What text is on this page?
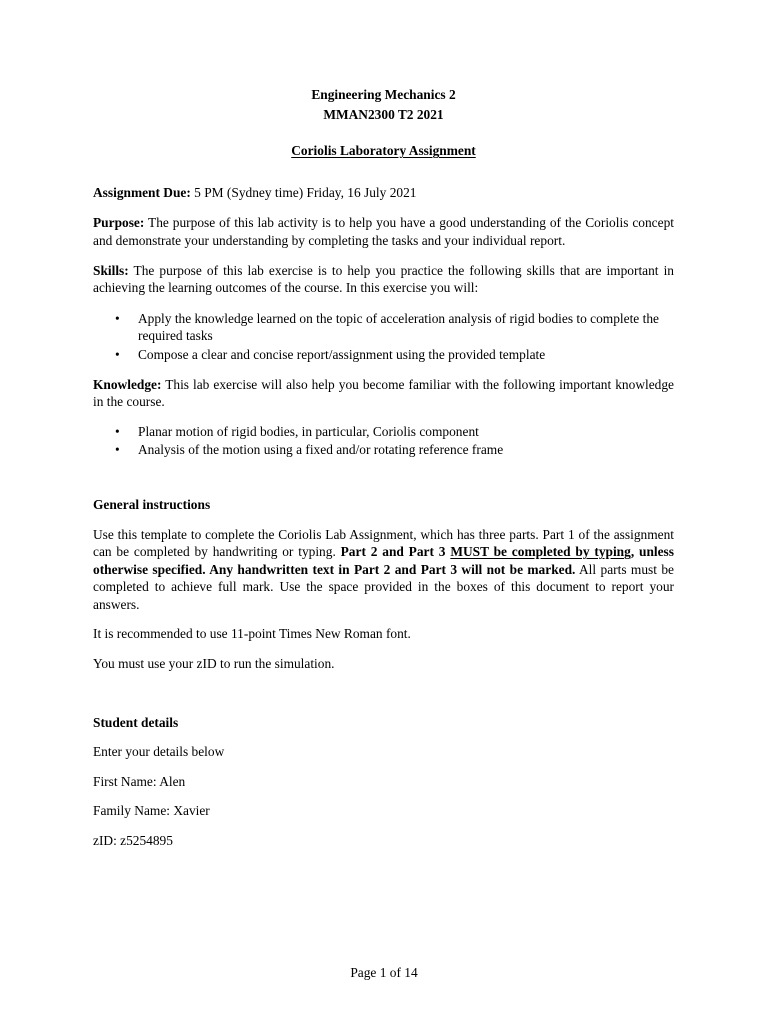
Engineering Mechanics 2
MMAN2300 T2 2021
Coriolis Laboratory Assignment

Assignment Due: 5 PM (Sydney time) Friday, 16 July 2021

Purpose: The purpose of this lab activity is to help you have a good understanding of the Coriolis concept and demonstrate your understanding by completing the tasks and your individual report.

Skills: The purpose of this lab exercise is to help you practice the following skills that are important in achieving the learning outcomes of the course. In this exercise you will:

• Apply the knowledge learned on the topic of acceleration analysis of rigid bodies to complete the required tasks
• Compose a clear and concise report/assignment using the provided template

Knowledge: This lab exercise will also help you become familiar with the following important knowledge in the course.

• Planar motion of rigid bodies, in particular, Coriolis component
• Analysis of the motion using a fixed and/or rotating reference frame
General instructions

Use this template to complete the Coriolis Lab Assignment, which has three parts. Part 1 of the assignment can be completed by handwriting or typing. Part 2 and Part 3 MUST be completed by typing, unless otherwise specified. Any handwritten text in Part 2 and Part 3 will not be marked. All parts must be completed to achieve full mark. Use the space provided in the boxes of this document to report your answers.

It is recommended to use 11-point Times New Roman font.

You must use your zID to run the simulation.

Student details

Enter your details below

First Name: Alen

Family Name: Xavier

zID: z5254895

Page 1 of 14
